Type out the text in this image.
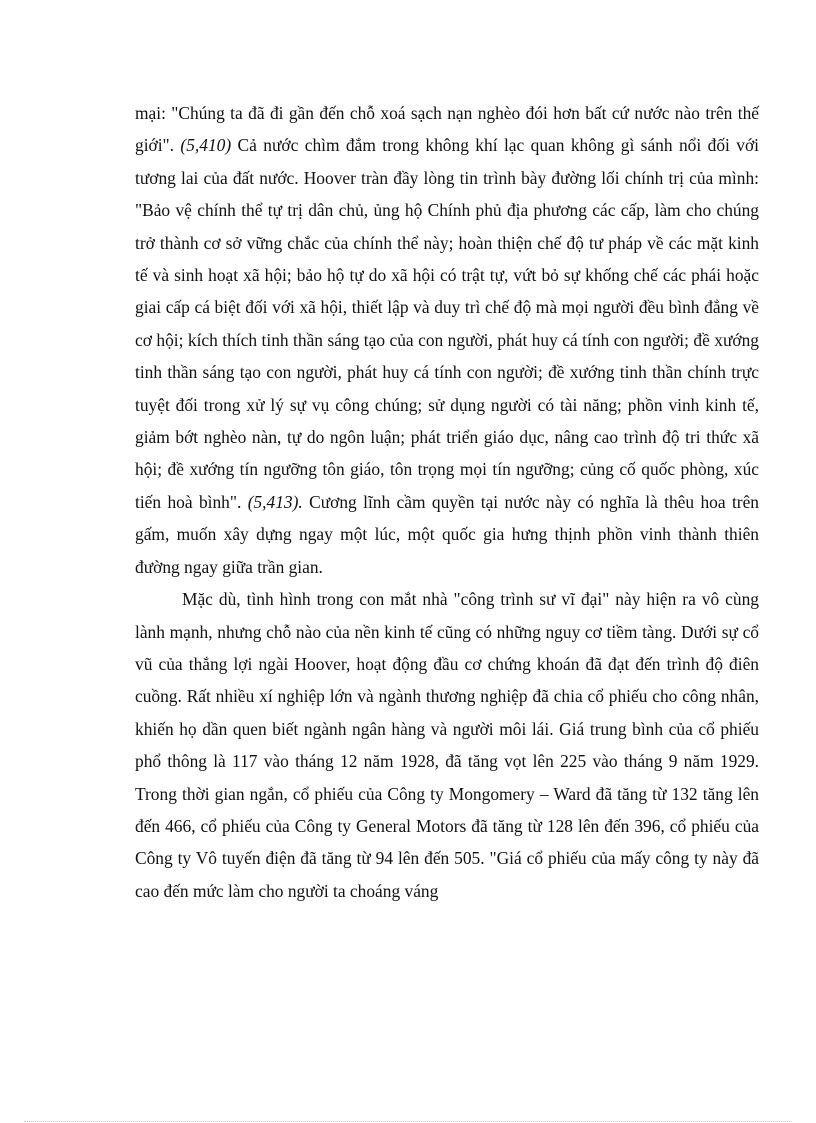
mại: "Chúng ta đã đi gần đến chỗ xoá sạch nạn nghèo đói hơn bất cứ nước nào trên thế giới". (5,410) Cả nước chìm đắm trong không khí lạc quan không gì sánh nổi đối với tương lai của đất nước. Hoover tràn đầy lòng tin trình bày đường lối chính trị của mình: "Bảo vệ chính thể tự trị dân chủ, ủng hộ Chính phủ địa phương các cấp, làm cho chúng trở thành cơ sở vững chắc của chính thể này; hoàn thiện chế độ tư pháp về các mặt kinh tế và sinh hoạt xã hội; bảo hộ tự do xã hội có trật tự, vứt bỏ sự khống chế các phái hoặc giai cấp cá biệt đối với xã hội, thiết lập và duy trì chế độ mà mọi người đều bình đẳng về cơ hội; kích thích tinh thần sáng tạo của con người, phát huy cá tính con người; đề xướng tinh thần sáng tạo con người, phát huy cá tính con người; đề xướng tinh thần chính trực tuyệt đối trong xử lý sự vụ công chúng; sử dụng người có tài năng; phồn vinh kinh tế, giảm bớt nghèo nàn, tự do ngôn luận; phát triển giáo dục, nâng cao trình độ tri thức xã hội; đề xướng tín ngưỡng tôn giáo, tôn trọng mọi tín ngưỡng; củng cố quốc phòng, xúc tiến hoà bình". (5,413). Cương lĩnh cầm quyền tại nước này có nghĩa là thêu hoa trên gấm, muốn xây dựng ngay một lúc, một quốc gia hưng thịnh phồn vinh thành thiên đường ngay giữa trần gian.

Mặc dù, tình hình trong con mắt nhà "công trình sư vĩ đại" này hiện ra vô cùng lành mạnh, nhưng chỗ nào của nền kinh tế cũng có những nguy cơ tiềm tàng. Dưới sự cổ vũ của thắng lợi ngài Hoover, hoạt động đầu cơ chứng khoán đã đạt đến trình độ điên cuồng. Rất nhiều xí nghiệp lớn và ngành thương nghiệp đã chia cổ phiếu cho công nhân, khiến họ dần quen biết ngành ngân hàng và người môi lái. Giá trung bình của cổ phiếu phổ thông là 117 vào tháng 12 năm 1928, đã tăng vọt lên 225 vào tháng 9 năm 1929. Trong thời gian ngắn, cổ phiếu của Công ty Mongomery – Ward đã tăng từ 132 tăng lên đến 466, cổ phiếu của Công ty General Motors đã tăng từ 128 lên đến 396, cổ phiếu của Công ty Vô tuyến điện đã tăng từ 94 lên đến 505. "Giá cổ phiếu của mấy công ty này đã cao đến mức làm cho người ta choáng váng
